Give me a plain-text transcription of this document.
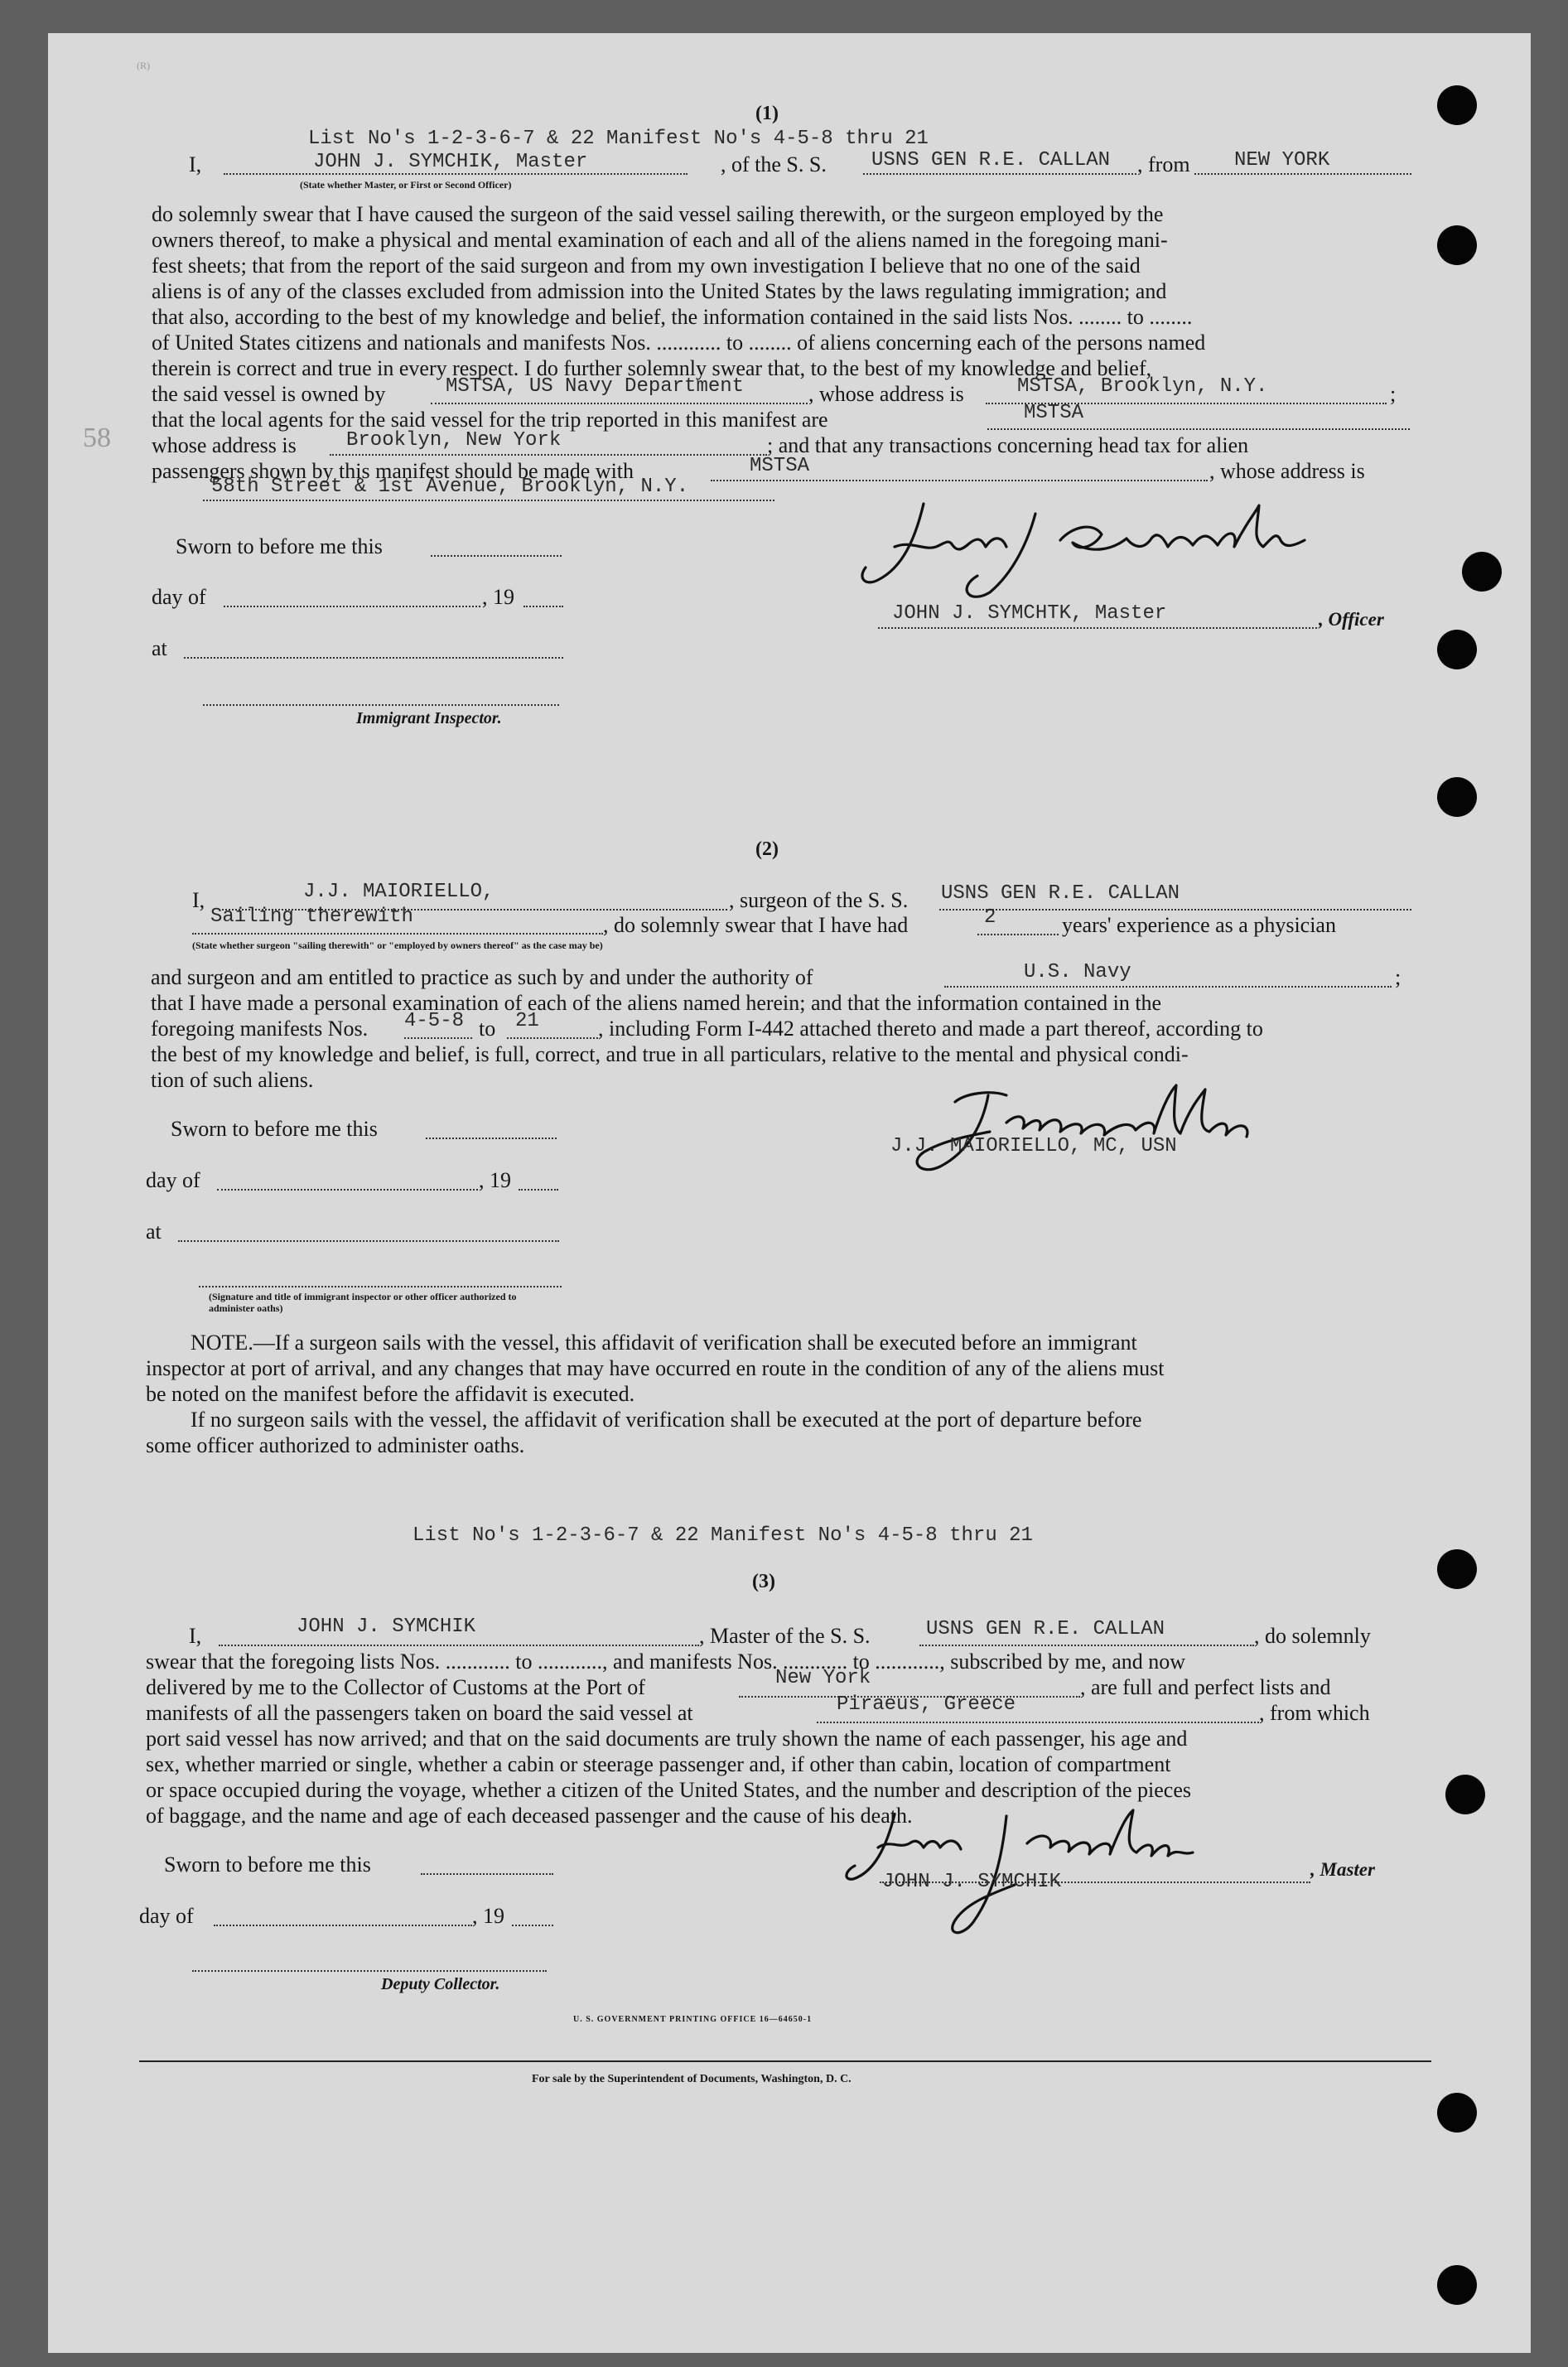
(R)
58
(1)
List No's 1-2-3-6-7 & 22 Manifest No's 4-5-8 thru 21
I,	JOHN J. SYMCHIK, Master
(State whether Master, or First or Second Officer)
, of the S. S. USNS GEN R.E. CALLAN , from NEW YORK
do solemnly swear that I have caused the surgeon of the said vessel sailing therewith, or the surgeon employed by the
owners thereof, to make a physical and mental examination of each and all of the aliens named in the foregoing mani-
fest sheets; that from the report of the said surgeon and from my own investigation I believe that no one of the said
aliens is of any of the classes excluded from admission into the United States by the laws regulating immigration; and
that also, according to the best of my knowledge and belief, the information contained in the said lists Nos. ........ to ........
of United States citizens and nationals and manifests Nos. ............ to ........ of aliens concerning each of the persons named
therein is correct and true in every respect. I do further solemnly swear that, to the best of my knowledge and belief,
the said vessel is owned by	MSTSA, US Navy Department	, whose address is	MSTSA, Brooklyn, N.Y.	;
that the local agents for the said vessel for the trip reported in this manifest are	MSTSA
whose address is	Brooklyn, New York	; and that any transactions concerning head tax for alien
passengers shown by this manifest should be made with	MSTSA	, whose address is
58th Street & 1st Avenue, Brooklyn, N.Y.
Sworn to before me this
day of	, 19
at
Immigrant Inspector.
JOHN J. SYMCHTK, Master	, Officer
(2)
I,	J.J. MAIORIELLO,	, surgeon of the S. S. USNS GEN R.E. CALLAN
Sailing therewith	, do solemnly swear that I have had	2	years' experience as a physician
(State whether surgeon "sailing therewith" or "employed by owners thereof" as the case may be)
and surgeon and am entitled to practice as such by and under the authority of	U.S. Navy	;
that I have made a personal examination of each of the aliens named herein; and that the information contained in the
foregoing manifests Nos. 4-5-8 to 21	, including Form I-442 attached thereto and made a part thereof, according to
the best of my knowledge and belief, is full, correct, and true in all particulars, relative to the mental and physical condi-
tion of such aliens.
Sworn to before me this
day of	, 19
at
(Signature and title of immigrant inspector or other officer authorized to administer oaths)
J.J. MAIORIELLO, MC, USN
NOTE.—If a surgeon sails with the vessel, this affidavit of verification shall be executed before an immigrant
inspector at port of arrival, and any changes that may have occurred en route in the condition of any of the aliens must
be noted on the manifest before the affidavit is executed.
If no surgeon sails with the vessel, the affidavit of verification shall be executed at the port of departure before
some officer authorized to administer oaths.
List No's 1-2-3-6-7 & 22 Manifest No's 4-5-8 thru 21
(3)
I,	JOHN J. SYMCHIK	, Master of the S. S.	USNS GEN R.E. CALLAN	, do solemnly
swear that the foregoing lists Nos. ............ to ............, and manifests Nos. ............ to ............, subscribed by me, and now
delivered by me to the Collector of Customs at the Port of	New York	, are full and perfect lists and
manifests of all the passengers taken on board the said vessel at	Piraeus, Greece	, from which
port said vessel has now arrived; and that on the said documents are truly shown the name of each passenger, his age and
sex, whether married or single, whether a cabin or steerage passenger and, if other than cabin, location of compartment
or space occupied during the voyage, whether a citizen of the United States, and the number and description of the pieces
of baggage, and the name and age of each deceased passenger and the cause of his death.
Sworn to before me this
day of	, 19
Deputy Collector.
JOHN J. SYMCHIK
, Master
U. S. GOVERNMENT PRINTING OFFICE 16—64650-1
For sale by the Superintendent of Documents, Washington, D. C.
